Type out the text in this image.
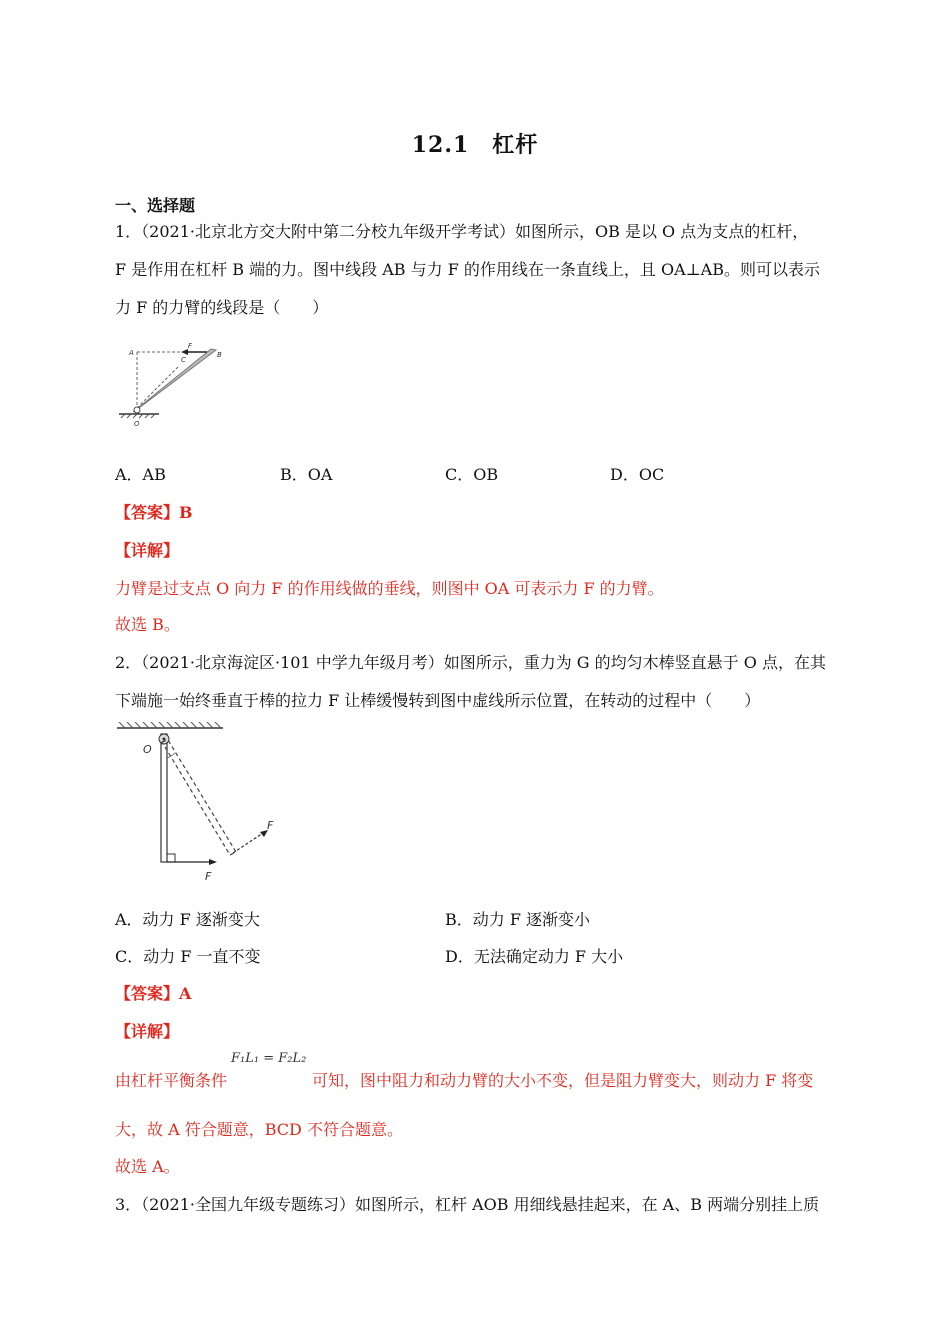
12.1　杠杆
一、选择题
1．（2021·北京北方交大附中第二分校九年级开学考试）如图所示，OB 是以 O 点为支点的杠杆，
F 是作用在杠杆 B 端的力。图中线段 AB 与力 F 的作用线在一条直线上，且 OA⊥AB。则可以表示
力 F 的力臂的线段是（　　）
A
F
C
B
O
A．AB	B．OA	C．OB	D．OC
【答案】B
【详解】
力臂是过支点 O 向力 F 的作用线做的垂线，则图中 OA 可表示力 F 的力臂。
故选 B。
2．（2021·北京海淀区·101 中学九年级月考）如图所示，重力为 G 的均匀木棒竖直悬于 O 点，在其
下端施一始终垂直于棒的拉力 F 让棒缓慢转到图中虚线所示位置，在转动的过程中（　　）
O
F
F
A．动力 F 逐渐变大	B．动力 F 逐渐变小
C．动力 F 一直不变	D．无法确定动力 F 大小
【答案】A
【详解】
由杠杆平衡条件
F₁L₁ = F₂L₂
可知，图中阻力和动力臂的大小不变，但是阻力臂变大，则动力 F 将变
大，故 A 符合题意，BCD 不符合题意。
故选 A。
3．（2021·全国九年级专题练习）如图所示，杠杆 AOB 用细线悬挂起来，在 A、B 两端分别挂上质
